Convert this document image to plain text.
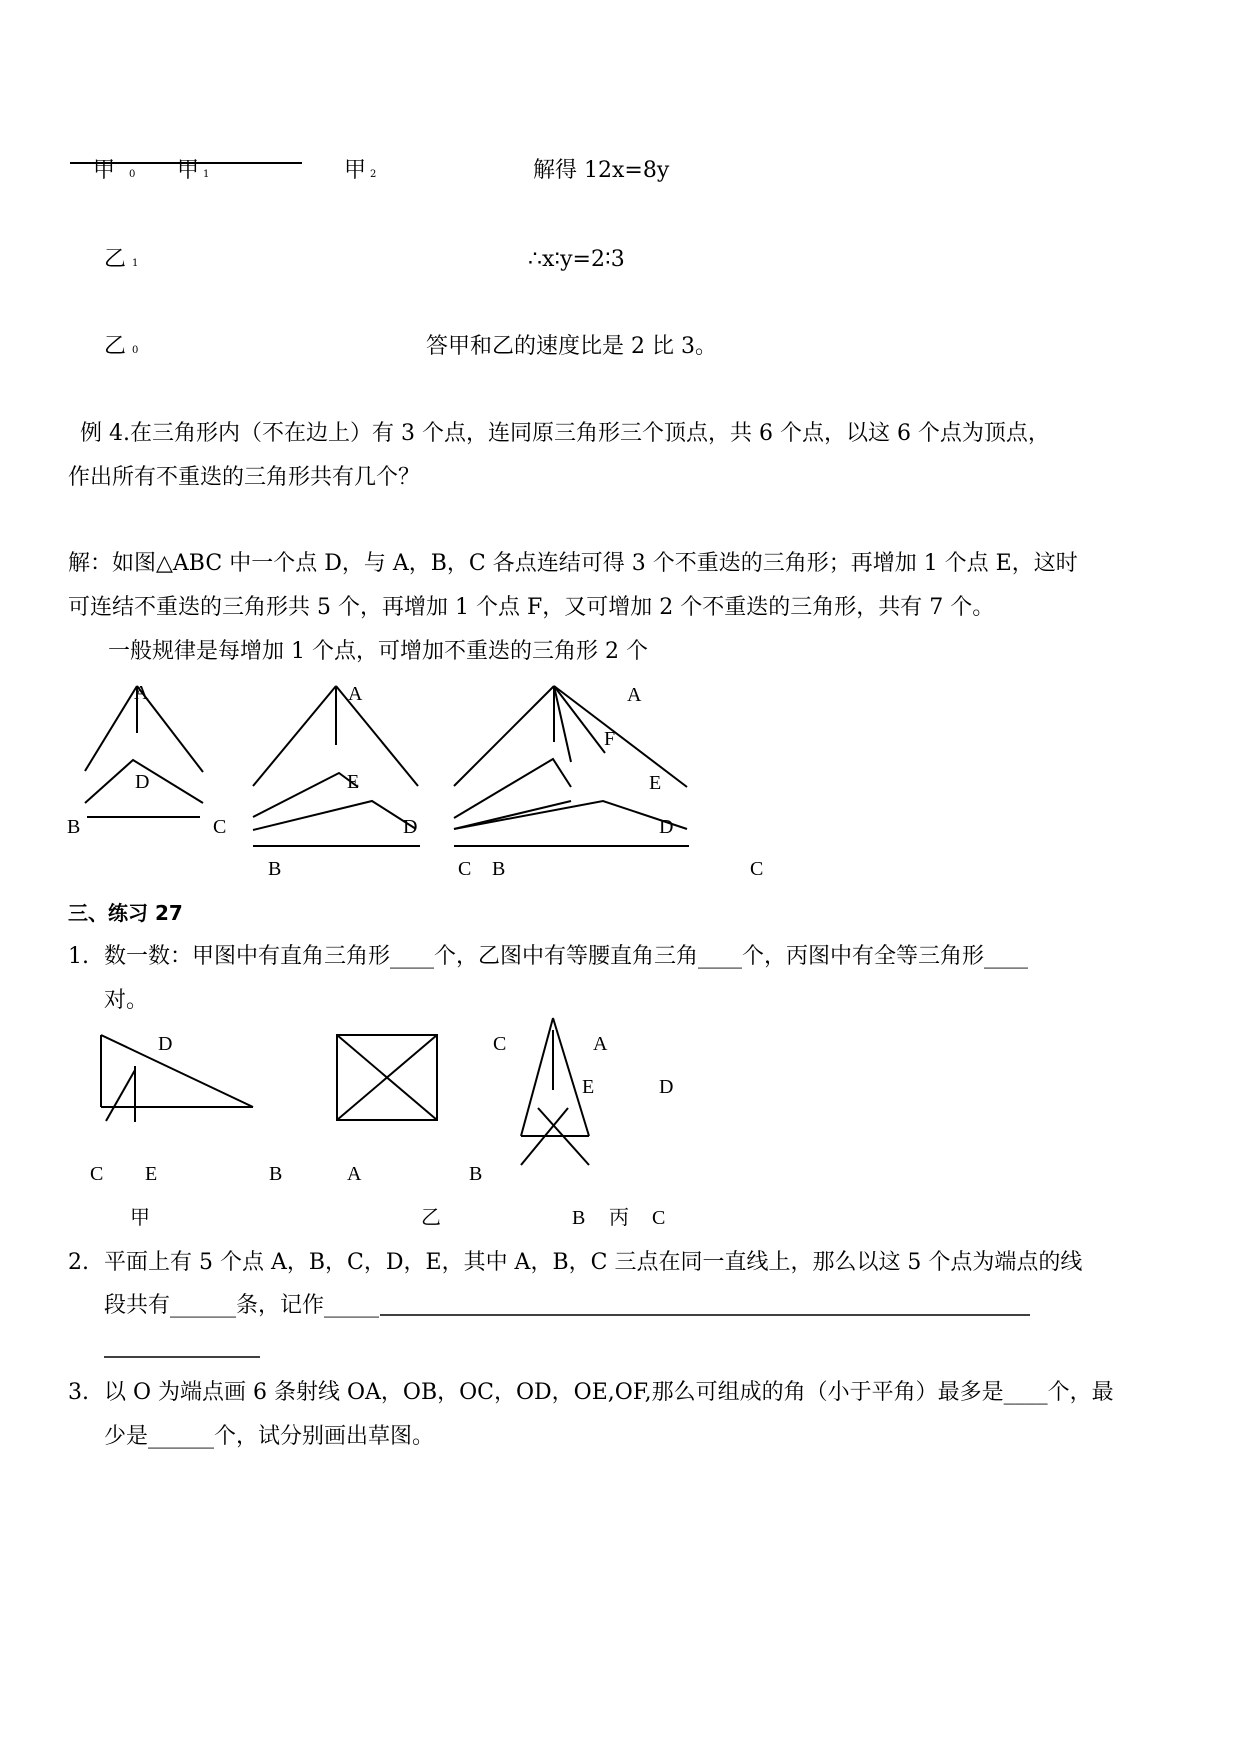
甲 0 甲 1	甲 2
乙 1
乙 0
解得 12x=8y
∴x∶y=2∶3
答甲和乙的速度比是 2 比 3。
例 4.在三角形内（不在边上）有 3 个点，连同原三角形三个顶点，共 6 个点，以这 6 个点为顶点，
作出所有不重迭的三角形共有几个？
解：如图△ABC 中一个点 D，与 A，B，C 各点连结可得 3 个不重迭的三角形；再增加 1 个点 E，这时
可连结不重迭的三角形共 5 个，再增加 1 个点 F，又可增加 2 个不重迭的三角形，共有 7 个。
一般规律是每增加 1 个点，可增加不重迭的三角形 2 个
A
D
B	C
A
E
D
B	C
A
F
E
D
B	C
三、练习 27
1. 数一数：甲图中有直角三角形____个，乙图中有等腰直角三角____个，丙图中有全等三角形____
对。
D
C E	B	A	B
C	A
E	D
B	C
甲	乙	丙
2. 平面上有 5 个点 A，B，C，D，E，其中 A，B，C 三点在同一直线上，那么以这 5 个点为端点的线
段共有______条，记作_____
3. 以 O 为端点画 6 条射线 OA，OB，OC，OD，OE,OF,那么可组成的角（小于平角）最多是____个，最
少是______个，试分别画出草图。
